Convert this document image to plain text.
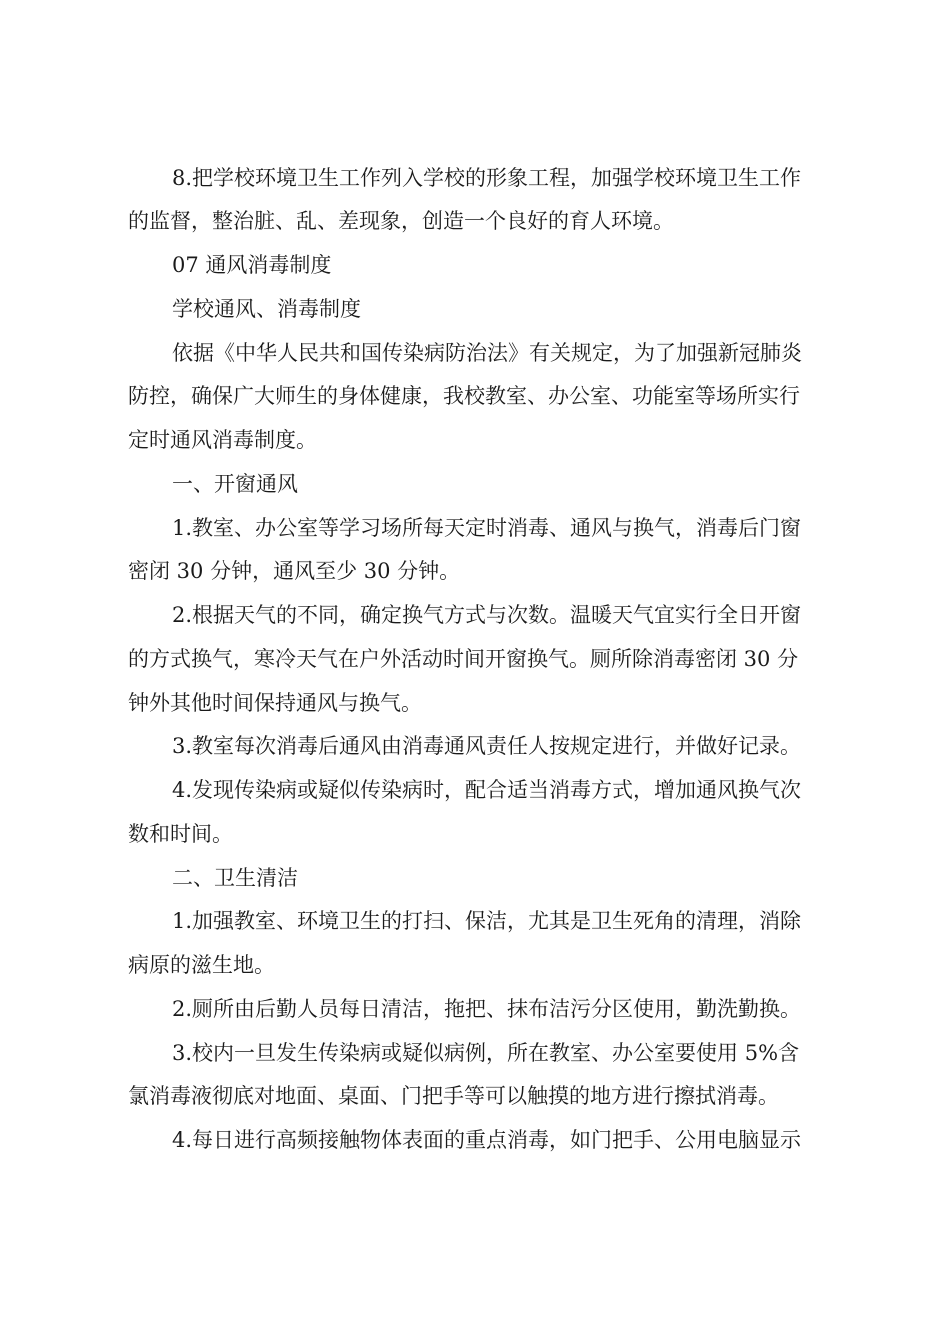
8.把学校环境卫生工作列入学校的形象工程，加强学校环境卫生工作
的监督，整治脏、乱、差现象，创造一个良好的育人环境。
07 通风消毒制度
学校通风、消毒制度
依据《中华人民共和国传染病防治法》有关规定，为了加强新冠肺炎
防控，确保广大师生的身体健康，我校教室、办公室、功能室等场所实行
定时通风消毒制度。
一、开窗通风
1.教室、办公室等学习场所每天定时消毒、通风与换气，消毒后门窗
密闭 30 分钟，通风至少 30 分钟。
2.根据天气的不同，确定换气方式与次数。温暖天气宜实行全日开窗
的方式换气，寒冷天气在户外活动时间开窗换气。厕所除消毒密闭 30 分
钟外其他时间保持通风与换气。
3.教室每次消毒后通风由消毒通风责任人按规定进行，并做好记录。
4.发现传染病或疑似传染病时，配合适当消毒方式，增加通风换气次
数和时间。
二、卫生清洁
1.加强教室、环境卫生的打扫、保洁，尤其是卫生死角的清理，消除
病原的滋生地。
2.厕所由后勤人员每日清洁，拖把、抹布洁污分区使用，勤洗勤换。
3.校内一旦发生传染病或疑似病例，所在教室、办公室要使用 5%含
氯消毒液彻底对地面、桌面、门把手等可以触摸的地方进行擦拭消毒。
4.每日进行高频接触物体表面的重点消毒，如门把手、公用电脑显示
